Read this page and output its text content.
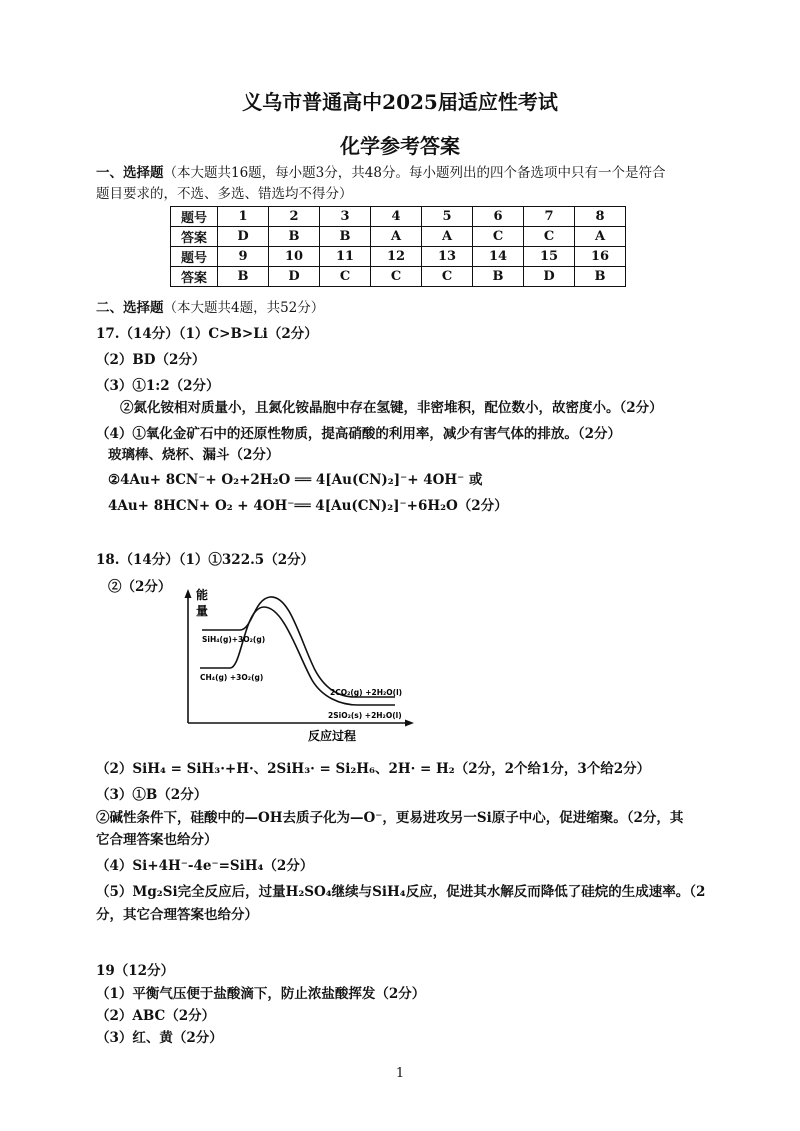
义乌市普通高中2025届适应性考试
化学参考答案
一、选择题（本大题共16题，每小题3分，共48分。每小题列出的四个备选项中只有一个是符合
题目要求的，不选、多选、错选均不得分）
题号	1	2	3	4	5	6	7	8
答案	D	B	B	A	A	C	C	A
题号	9	10	11	12	13	14	15	16
答案	B	D	C	C	C	B	D	B
二、选择题（本大题共4题，共52分）
17.（14分）（1）C>B>Li（2分）
（2）BD（2分）
（3）①1:2（2分）
②氮化铵相对质量小，且氮化铵晶胞中存在氢键，非密堆积，配位数小，故密度小。（2分）
（4）①氧化金矿石中的还原性物质，提高硝酸的利用率，减少有害气体的排放。（2分）
玻璃棒、烧杯、漏斗（2分）
②4Au+ 8CN⁻+ O₂+2H₂O ══ 4[Au(CN)₂]⁻+ 4OH⁻ 或
4Au+ 8HCN+ O₂ + 4OH⁻══ 4[Au(CN)₂]⁻+6H₂O（2分）
18.（14分）（1）①322.5（2分）
②（2分） 能
量
SiH₄(g)+3O₂(g)
CH₄(g) +3O₂(g)
2CO₂(g) +2H₂O(l)
2SiO₂(s) +2H₂O(l)
反应过程
（2）SiH₄ = SiH₃·+H·、2SiH₃· = Si₂H₆、2H· = H₂（2分，2个给1分，3个给2分）
（3）①B（2分）
②碱性条件下，硅酸中的—OH去质子化为—O⁻，更易进攻另一Si原子中心，促进缩聚。（2分，其
它合理答案也给分）
（4）Si+4H⁻-4e⁻=SiH₄（2分）
（5）Mg₂Si完全反应后，过量H₂SO₄继续与SiH₄反应，促进其水解反而降低了硅烷的生成速率。（2
分，其它合理答案也给分）
19（12分）
（1）平衡气压便于盐酸滴下，防止浓盐酸挥发（2分）
（2）ABC（2分）
（3）红、黄（2分）
1
